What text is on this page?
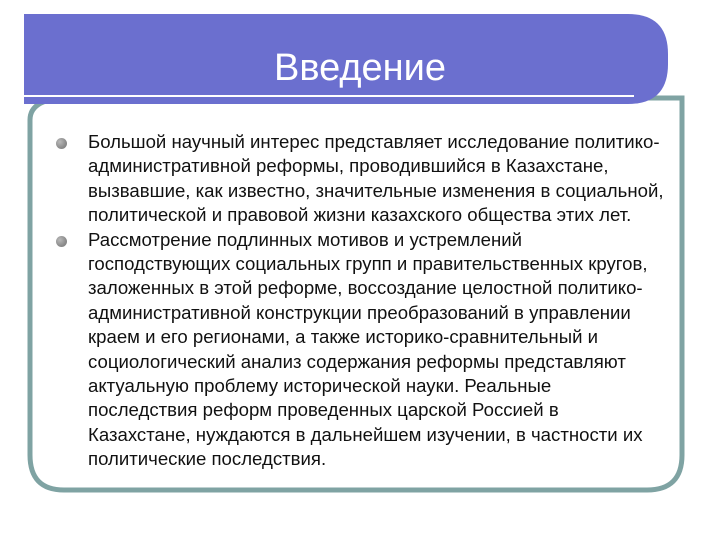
Введение
Большой научный интерес представляет исследование политико-административной реформы, проводившийся в Казахстане, вызвавшие, как известно, значительные изменения в социальной, политической и правовой жизни казахского общества этих лет.
Рассмотрение подлинных мотивов и устремлений господствующих социальных групп и правительственных кругов, заложенных в этой реформе, воссоздание целостной политико-административной конструкции преобразований в управлении краем и его регионами, а также историко-сравнительный и социологический анализ содержания реформы представляют актуальную проблему исторической науки. Реальные последствия реформ проведенных царской Россией в Казахстане, нуждаются в дальнейшем изучении, в частности их политические последствия.
